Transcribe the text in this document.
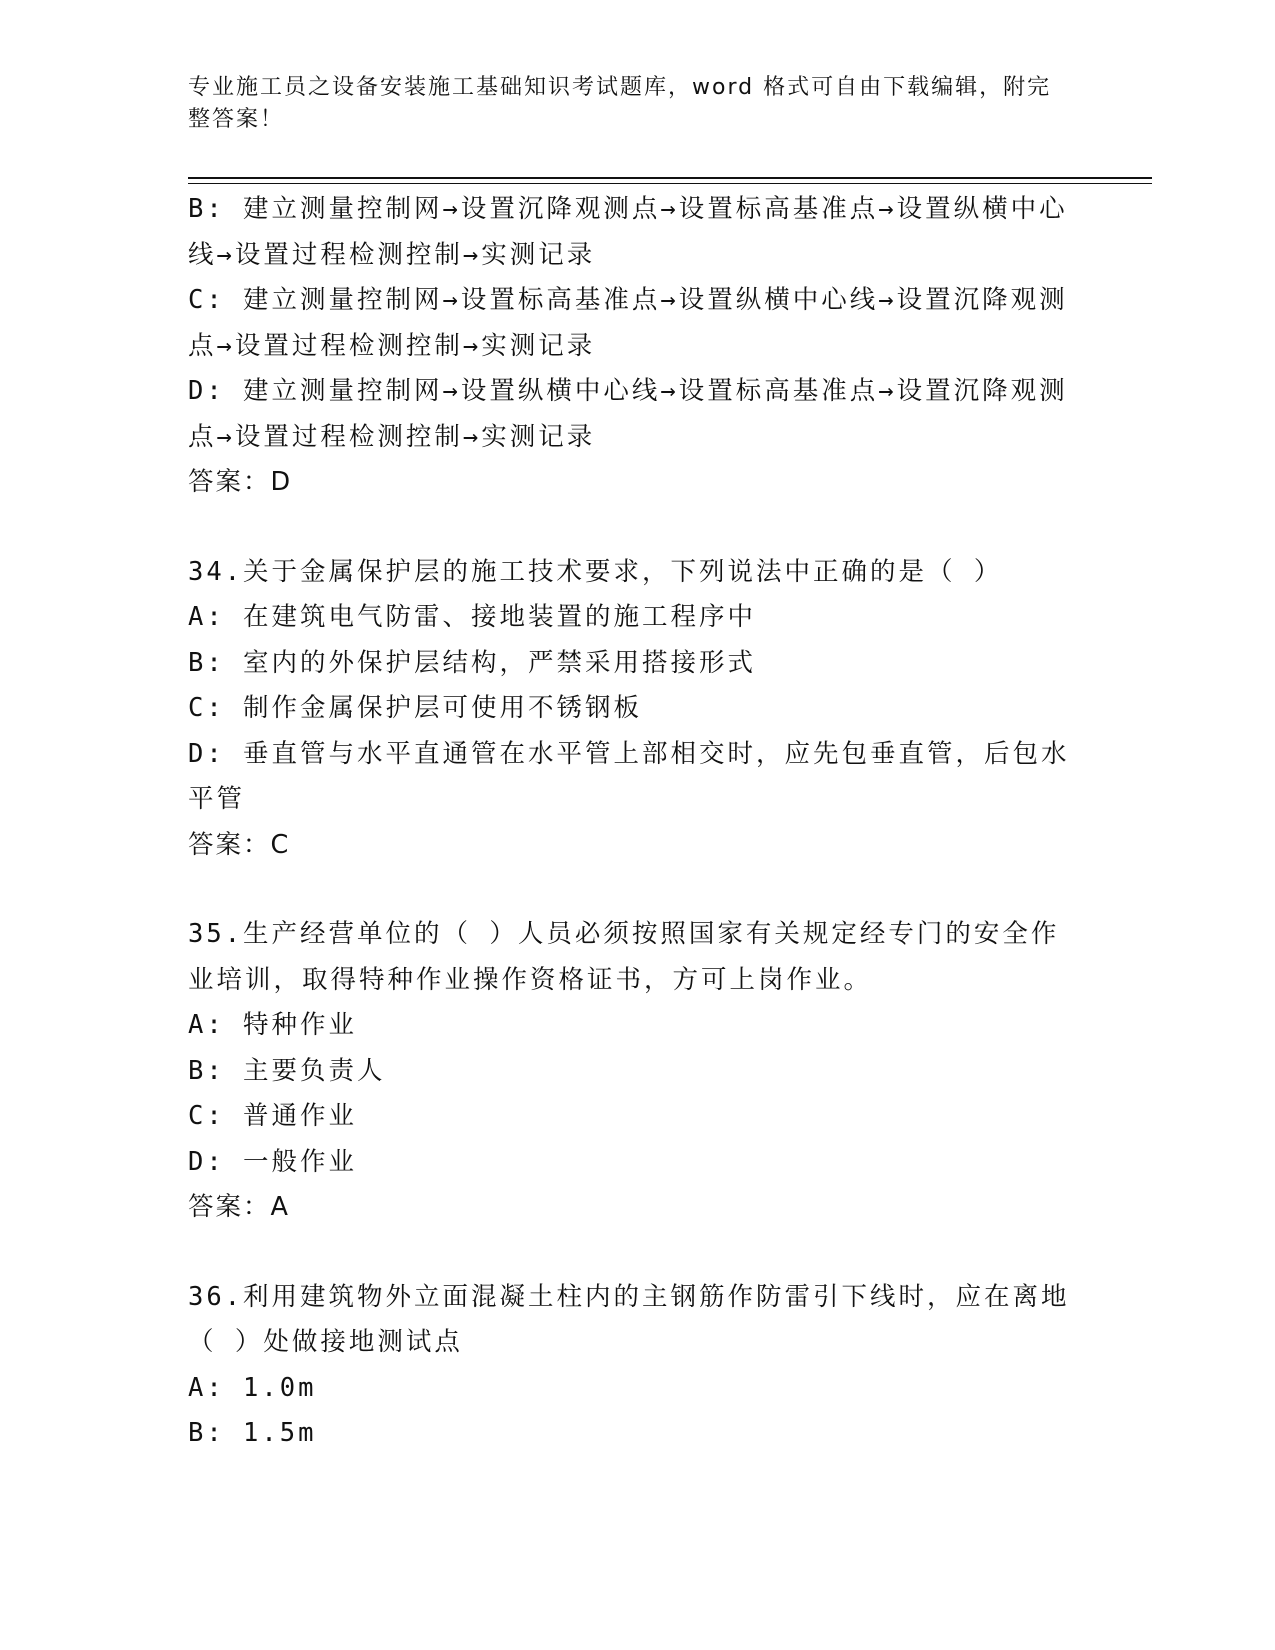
专业施工员之设备安装施工基础知识考试题库，word 格式可自由下载编辑，附完整答案！
B: 建立测量控制网→设置沉降观测点→设置标高基准点→设置纵横中心线→设置过程检测控制→实测记录
C: 建立测量控制网→设置标高基准点→设置纵横中心线→设置沉降观测点→设置过程检测控制→实测记录
D: 建立测量控制网→设置纵横中心线→设置标高基准点→设置沉降观测点→设置过程检测控制→实测记录
答案：D
34.关于金属保护层的施工技术要求，下列说法中正确的是（ ）
A: 在建筑电气防雷、接地装置的施工程序中
B: 室内的外保护层结构，严禁采用搭接形式
C: 制作金属保护层可使用不锈钢板
D: 垂直管与水平直通管在水平管上部相交时，应先包垂直管，后包水平管
答案：C
35.生产经营单位的（ ）人员必须按照国家有关规定经专门的安全作业培训，取得特种作业操作资格证书，方可上岗作业。
A: 特种作业
B: 主要负责人
C: 普通作业
D: 一般作业
答案：A
36.利用建筑物外立面混凝土柱内的主钢筋作防雷引下线时，应在离地（ ）处做接地测试点
A: 1.0m
B: 1.5m
